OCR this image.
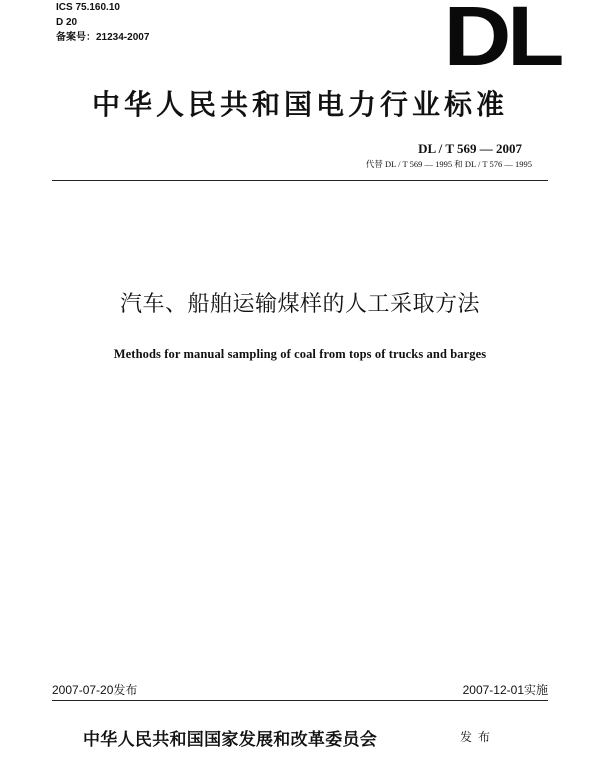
ICS 75.160.10
D 20
备案号：21234-2007	DL
中华人民共和国电力行业标准
DL / T 569 — 2007
代替 DL / T 569 — 1995 和 DL / T 576 — 1995
汽车、船舶运输煤样的人工采取方法
Methods for manual sampling of coal from tops of trucks and barges
2007-07-20发布	2007-12-01实施
中华人民共和国国家发展和改革委员会	发布
